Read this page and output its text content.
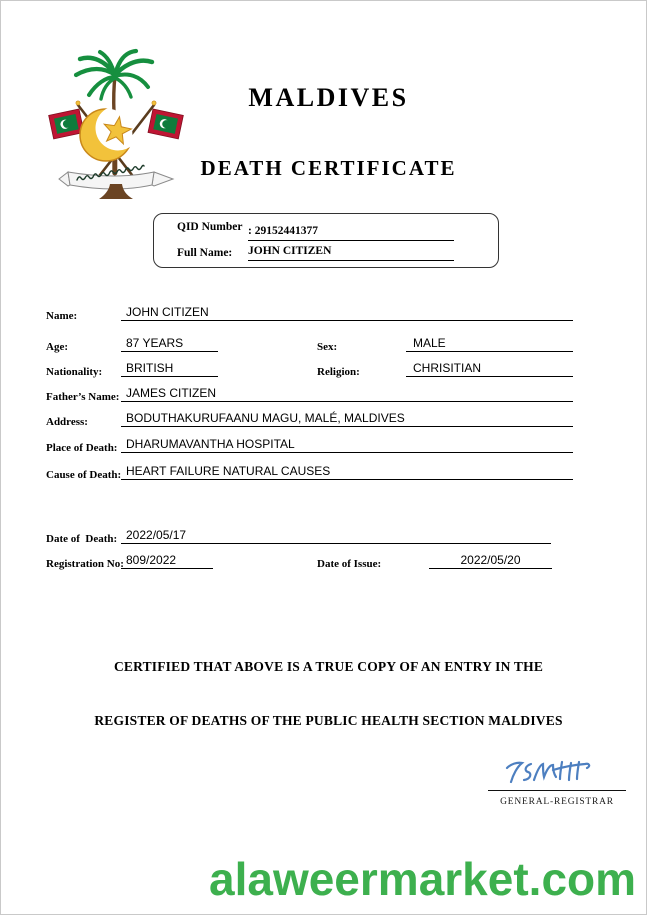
MALDIVES
DEATH CERTIFICATE
QID Number : 29152441377
Full Name: JOHN CITIZEN
Name:	JOHN CITIZEN
Age:	87 YEARS	Sex:	MALE
Nationality:	BRITISH	Religion:	CHRISITIAN
Father’s Name: JAMES CITIZEN
Address:	BODUTHAKURUFAANU MAGU, MALÉ, MALDIVES
Place of Death: DHARUMAVANTHA HOSPITAL
Cause of Death: HEART FAILURE NATURAL CAUSES
Date of  Death: 2022/05/17
Registration No: 809/2022	Date of Issue:	2022/05/20
CERTIFIED THAT ABOVE IS A TRUE COPY OF AN ENTRY IN THE
REGISTER OF DEATHS OF THE PUBLIC HEALTH SECTION MALDIVES
GENERAL-REGISTRAR
alaweermarket.com
